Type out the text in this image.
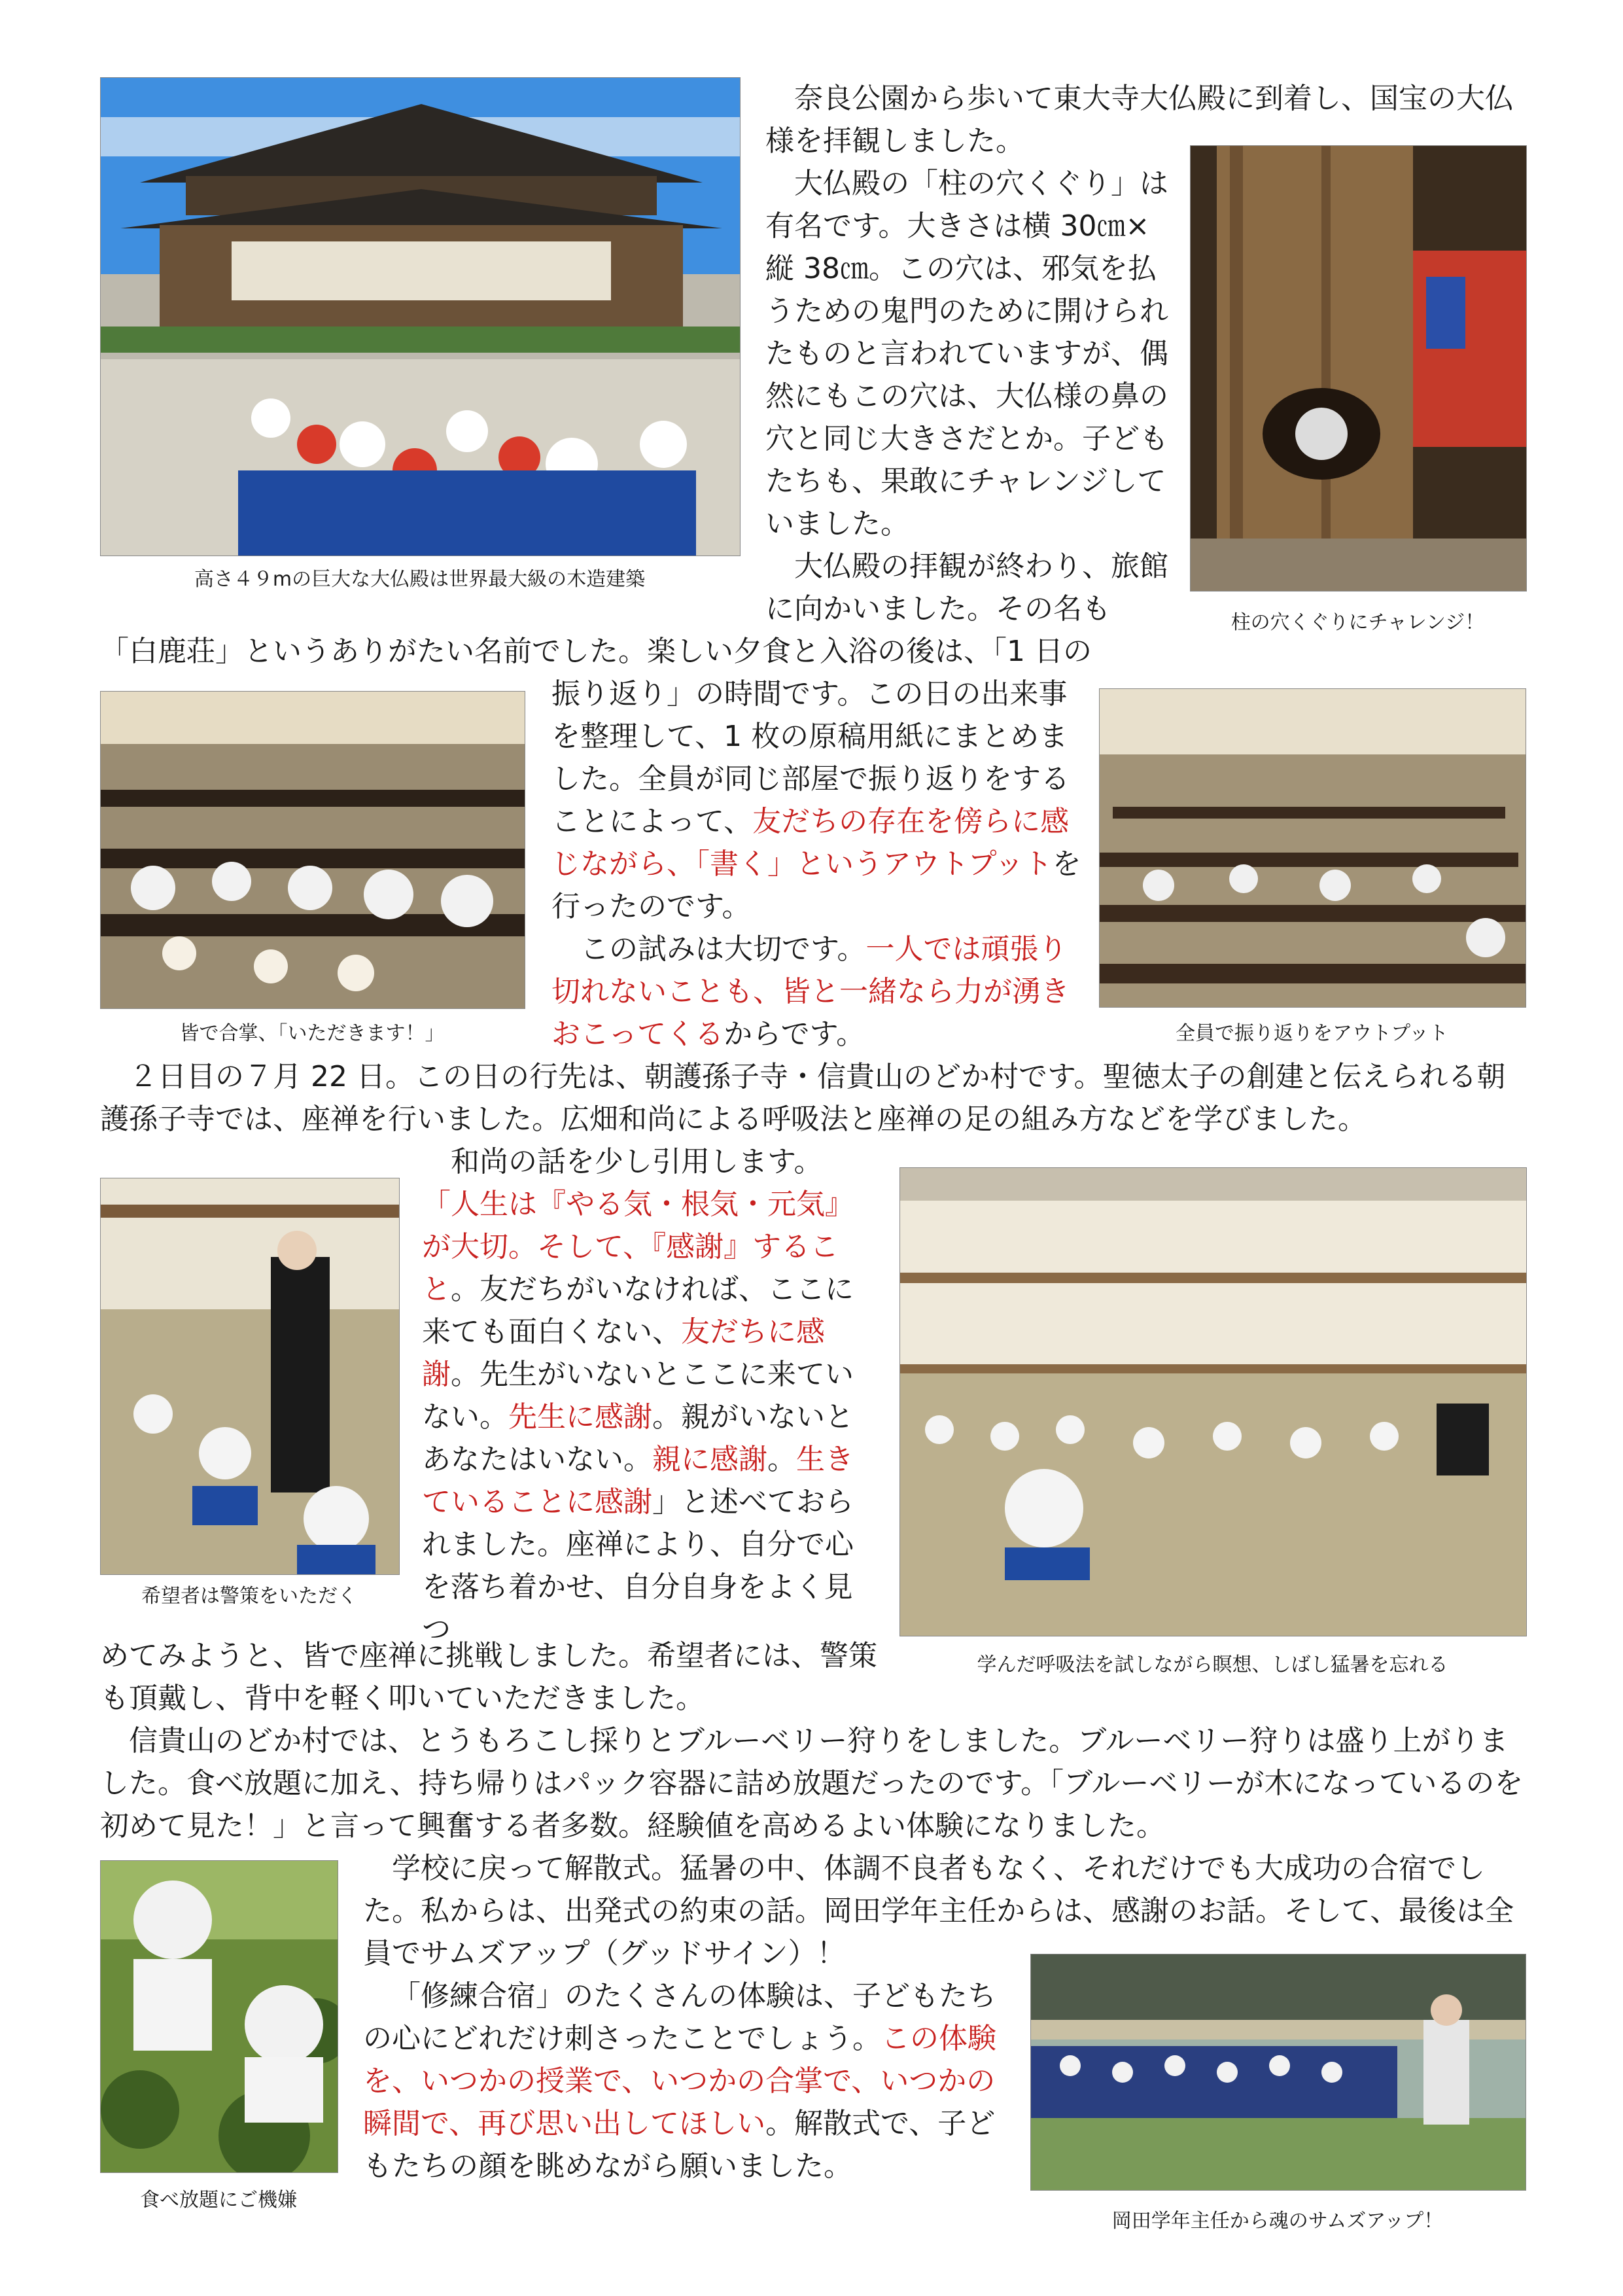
高さ４９mの巨大な大仏殿は世界最大級の木造建築
柱の穴くぐりにチャレンジ！
皆で合掌、「いただきます！」	全員で振り返りをアウトプット
希望者は警策をいただく
学んだ呼吸法を試しながら瞑想、しばし猛暑を忘れる
食べ放題にご機嫌
岡田学年主任から魂のサムズアップ！

奈良公園から歩いて東大寺大仏殿に到着し、国宝の大仏様を拝観しました。

大仏殿の「柱の穴くぐり」は有名です。大きさは横 30㎝×縦 38㎝。この穴は、邪気を払うための鬼門のために開けられたものと言われていますが、偶然にもこの穴は、大仏様の鼻の穴と同じ大きさだとか。子どもたちも、果敢にチャレンジしていました。

大仏殿の拝観が終わり、旅館に向かいました。その名も

「白鹿荘」というありがたい名前でした。楽しい夕食と入浴の後は、「1 日の

振り返り」の時間です。この日の出来事を整理して、1 枚の原稿用紙にまとめました。全員が同じ部屋で振り返りをすることによって、友だちの存在を傍らに感じながら、「書く」というアウトプットを行ったのです。

この試みは大切です。一人では頑張り切れないことも、皆と一緒なら力が湧きおこってくるからです。

２日目の７月 22 日。この日の行先は、朝護孫子寺・信貴山のどか村です。聖徳太子の創建と伝えられる朝護孫子寺では、座禅を行いました。広畑和尚による呼吸法と座禅の足の組み方などを学びました。

和尚の話を少し引用します。
「人生は『やる気・根気・元気』が大切。そして、『感謝』すること。友だちがいなければ、ここに来ても面白くない、友だちに感謝。先生がいないとここに来ていない。先生に感謝。親がいないとあなたはいない。親に感謝。生きていることに感謝」と述べておられました。座禅により、自分で心を落ち着かせ、自分自身をよく見つ

めてみようと、皆で座禅に挑戦しました。希望者には、警策も頂戴し、背中を軽く叩いていただきました。

信貴山のどか村では、とうもろこし採りとブルーベリー狩りをしました。ブルーベリー狩りは盛り上がりました。食べ放題に加え、持ち帰りはパック容器に詰め放題だったのです。「ブルーベリーが木になっているのを初めて見た！」と言って興奮する者多数。経験値を高めるよい体験になりました。

学校に戻って解散式。猛暑の中、体調不良者もなく、それだけでも大成功の合宿でした。私からは、出発式の約束の話。岡田学年主任からは、感謝のお話。そして、最後は全員でサムズアップ（グッドサイン）！

「修練合宿」のたくさんの体験は、子どもたちの心にどれだけ刺さったことでしょう。この体験を、いつかの授業で、いつかの合掌で、いつかの瞬間で、再び思い出してほしい。解散式で、子どもたちの顔を眺めながら願いました。
